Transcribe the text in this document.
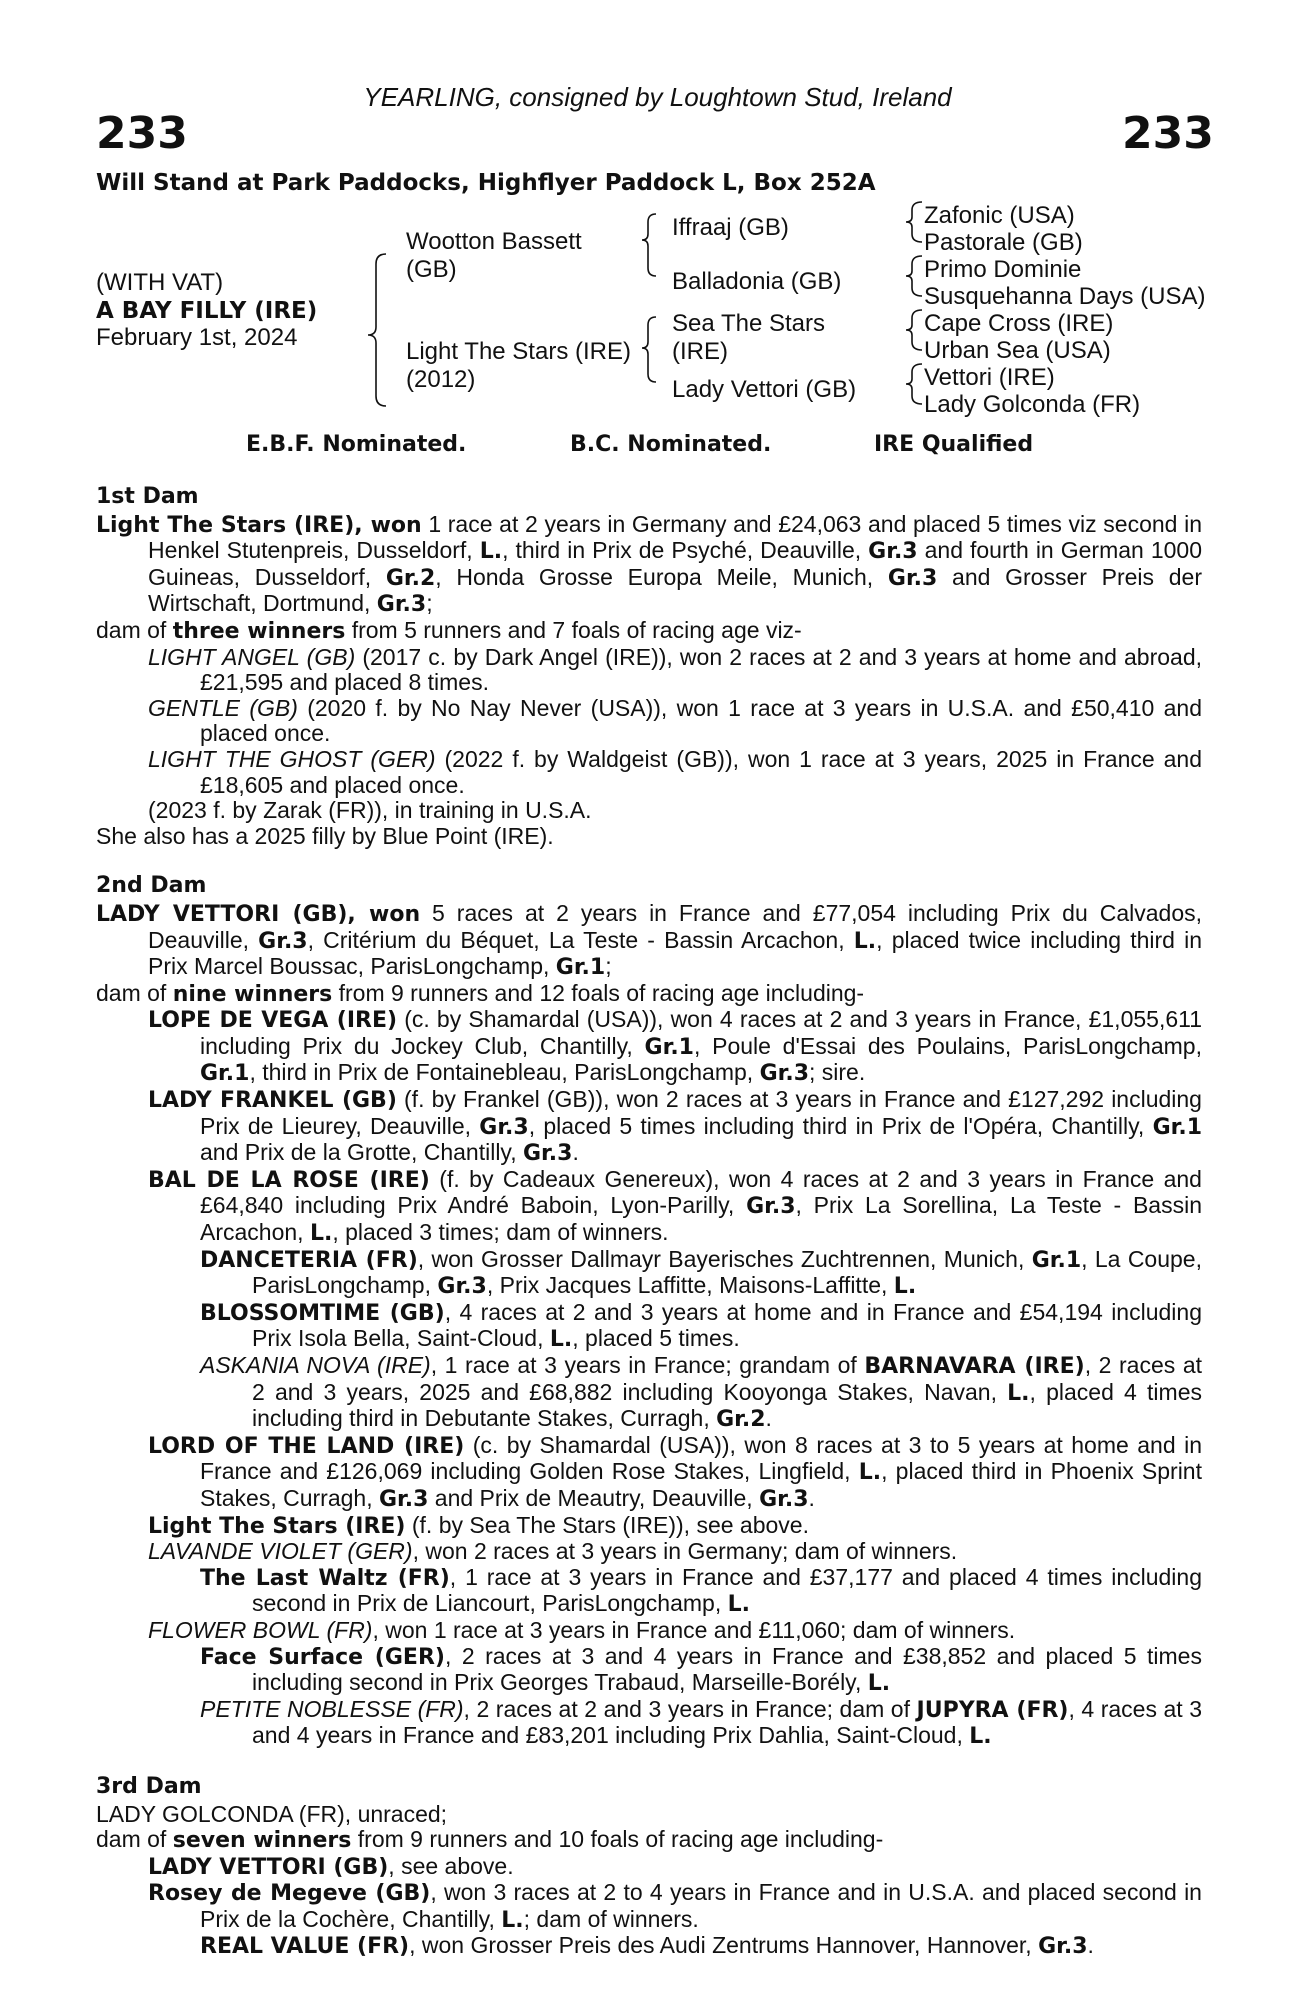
YEARLING, consigned by Loughtown Stud, Ireland
233	233
Will Stand at Park Paddocks, Highflyer Paddock L, Box 252A
(WITH VAT)
A BAY FILLY (IRE)
February 1st, 2024
Wootton Bassett
(GB)
Light The Stars (IRE)
(2012)
Iffraaj (GB)
Balladonia (GB)
Sea The Stars
(IRE)
Lady Vettori (GB)
Zafonic (USA)
Pastorale (GB)
Primo Dominie
Susquehanna Days (USA)
Cape Cross (IRE)
Urban Sea (USA)
Vettori (IRE)
Lady Golconda (FR)
E.B.F. Nominated.	B.C. Nominated.	IRE Qualified
1st Dam

Light The Stars (IRE), won 1 race at 2 years in Germany and £24,063 and placed 5 times viz second in Henkel Stutenpreis, Dusseldorf, L., third in Prix de Psyché, Deauville, Gr.3 and fourth in German 1000 Guineas, Dusseldorf, Gr.2, Honda Grosse Europa Meile, Munich, Gr.3 and Grosser Preis der Wirtschaft, Dortmund, Gr.3;

dam of three winners from 5 runners and 7 foals of racing age viz-

LIGHT ANGEL (GB) (2017 c. by Dark Angel (IRE)), won 2 races at 2 and 3 years at home and abroad, £21,595 and placed 8 times.

GENTLE (GB) (2020 f. by No Nay Never (USA)), won 1 race at 3 years in U.S.A. and £50,410 and placed once.

LIGHT THE GHOST (GER) (2022 f. by Waldgeist (GB)), won 1 race at 3 years, 2025 in France and £18,605 and placed once.

(2023 f. by Zarak (FR)), in training in U.S.A.

She also has a 2025 filly by Blue Point (IRE).

2nd Dam

LADY VETTORI (GB), won 5 races at 2 years in France and £77,054 including Prix du Calvados, Deauville, Gr.3, Critérium du Béquet, La Teste - Bassin Arcachon, L., placed twice including third in Prix Marcel Boussac, ParisLongchamp, Gr.1;

dam of nine winners from 9 runners and 12 foals of racing age including-

LOPE DE VEGA (IRE) (c. by Shamardal (USA)), won 4 races at 2 and 3 years in France, £1,055,611 including Prix du Jockey Club, Chantilly, Gr.1, Poule d'Essai des Poulains, ParisLongchamp, Gr.1, third in Prix de Fontainebleau, ParisLongchamp, Gr.3; sire.

LADY FRANKEL (GB) (f. by Frankel (GB)), won 2 races at 3 years in France and £127,292 including Prix de Lieurey, Deauville, Gr.3, placed 5 times including third in Prix de l'Opéra, Chantilly, Gr.1 and Prix de la Grotte, Chantilly, Gr.3.

BAL DE LA ROSE (IRE) (f. by Cadeaux Genereux), won 4 races at 2 and 3 years in France and £64,840 including Prix André Baboin, Lyon-Parilly, Gr.3, Prix La Sorellina, La Teste - Bassin Arcachon, L., placed 3 times; dam of winners.

DANCETERIA (FR), won Grosser Dallmayr Bayerisches Zuchtrennen, Munich, Gr.1, La Coupe, ParisLongchamp, Gr.3, Prix Jacques Laffitte, Maisons-Laffitte, L.

BLOSSOMTIME (GB), 4 races at 2 and 3 years at home and in France and £54,194 including Prix Isola Bella, Saint-Cloud, L., placed 5 times.

ASKANIA NOVA (IRE), 1 race at 3 years in France; grandam of BARNAVARA (IRE), 2 races at 2 and 3 years, 2025 and £68,882 including Kooyonga Stakes, Navan, L., placed 4 times including third in Debutante Stakes, Curragh, Gr.2.

LORD OF THE LAND (IRE) (c. by Shamardal (USA)), won 8 races at 3 to 5 years at home and in France and £126,069 including Golden Rose Stakes, Lingfield, L., placed third in Phoenix Sprint Stakes, Curragh, Gr.3 and Prix de Meautry, Deauville, Gr.3.

Light The Stars (IRE) (f. by Sea The Stars (IRE)), see above.

LAVANDE VIOLET (GER), won 2 races at 3 years in Germany; dam of winners.

The Last Waltz (FR), 1 race at 3 years in France and £37,177 and placed 4 times including second in Prix de Liancourt, ParisLongchamp, L.

FLOWER BOWL (FR), won 1 race at 3 years in France and £11,060; dam of winners.

Face Surface (GER), 2 races at 3 and 4 years in France and £38,852 and placed 5 times including second in Prix Georges Trabaud, Marseille-Borély, L.

PETITE NOBLESSE (FR), 2 races at 2 and 3 years in France; dam of JUPYRA (FR), 4 races at 3 and 4 years in France and £83,201 including Prix Dahlia, Saint-Cloud, L.

3rd Dam

LADY GOLCONDA (FR), unraced;

dam of seven winners from 9 runners and 10 foals of racing age including-

LADY VETTORI (GB), see above.

Rosey de Megeve (GB), won 3 races at 2 to 4 years in France and in U.S.A. and placed second in Prix de la Cochère, Chantilly, L.; dam of winners.

REAL VALUE (FR), won Grosser Preis des Audi Zentrums Hannover, Hannover, Gr.3.
